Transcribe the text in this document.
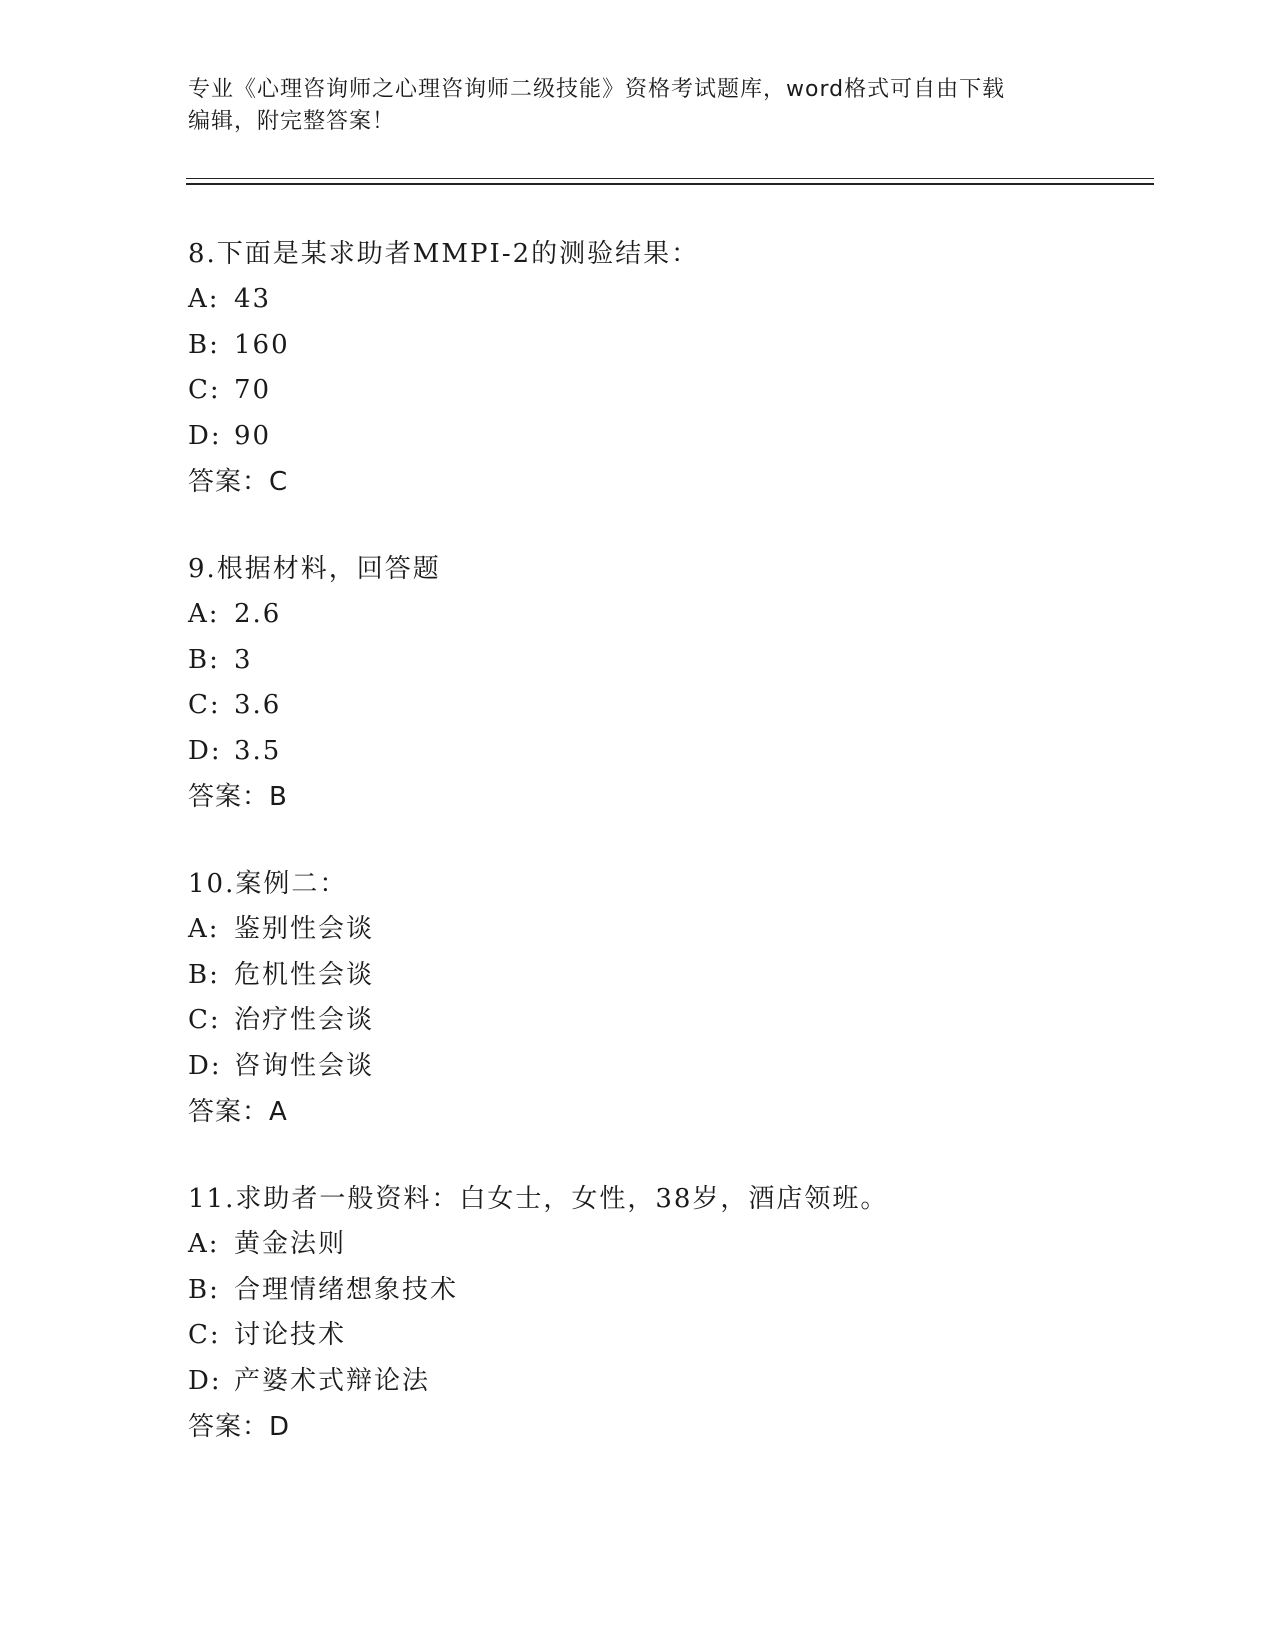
专业《心理咨询师之心理咨询师二级技能》资格考试题库，word格式可自由下载
编辑，附完整答案！
8.下面是某求助者MMPI-2的测验结果：
A: 43
B: 160
C: 70
D: 90
答案：C
9.根据材料，回答题
A: 2.6
B: 3
C: 3.6
D: 3.5
答案：B
10.案例二：
A: 鉴别性会谈
B: 危机性会谈
C: 治疗性会谈
D: 咨询性会谈
答案：A
11.求助者一般资料：白女士，女性，38岁，酒店领班。
A: 黄金法则
B: 合理情绪想象技术
C: 讨论技术
D: 产婆术式辩论法
答案：D
